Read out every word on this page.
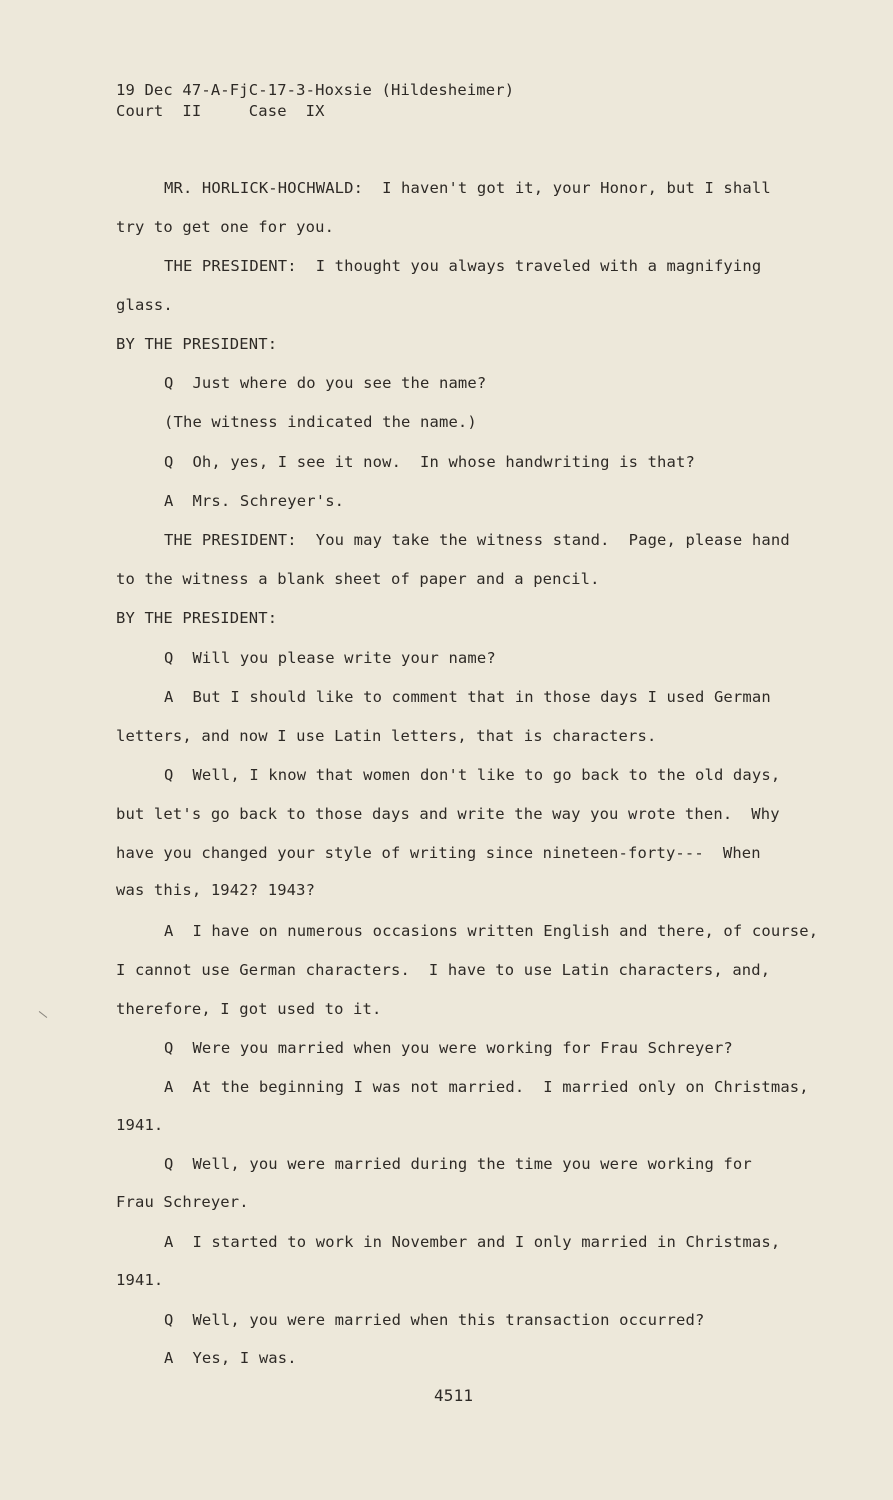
19 Dec 47-A-FjC-17-3-Hoxsie (Hildesheimer)
Court  II     Case  IX
MR. HORLICK-HOCHWALD:  I haven't got it, your Honor, but I shall
try to get one for you.
THE PRESIDENT:  I thought you always traveled with a magnifying
glass.
BY THE PRESIDENT:
Q  Just where do you see the name?
(The witness indicated the name.)
Q  Oh, yes, I see it now.  In whose handwriting is that?
A  Mrs. Schreyer's.
THE PRESIDENT:  You may take the witness stand.  Page, please hand
to the witness a blank sheet of paper and a pencil.
BY THE PRESIDENT:
Q  Will you please write your name?
A  But I should like to comment that in those days I used German
letters, and now I use Latin letters, that is characters.
Q  Well, I know that women don't like to go back to the old days,
but let's go back to those days and write the way you wrote then.  Why
have you changed your style of writing since nineteen-forty---  When
was this, 1942? 1943?
A  I have on numerous occasions written English and there, of course,
I cannot use German characters.  I have to use Latin characters, and,
therefore, I got used to it.
Q  Were you married when you were working for Frau Schreyer?
A  At the beginning I was not married.  I married only on Christmas,
1941.
Q  Well, you were married during the time you were working for
Frau Schreyer.
A  I started to work in November and I only married in Christmas,
1941.
Q  Well, you were married when this transaction occurred?
A  Yes, I was.
4511
